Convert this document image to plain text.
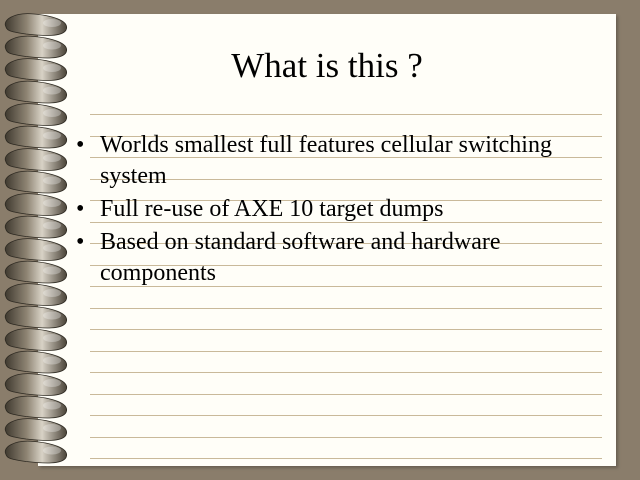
What is this ?
• Worlds smallest full features cellular switching system
• Full re-use of AXE 10 target dumps
• Based on standard software and hardware components
